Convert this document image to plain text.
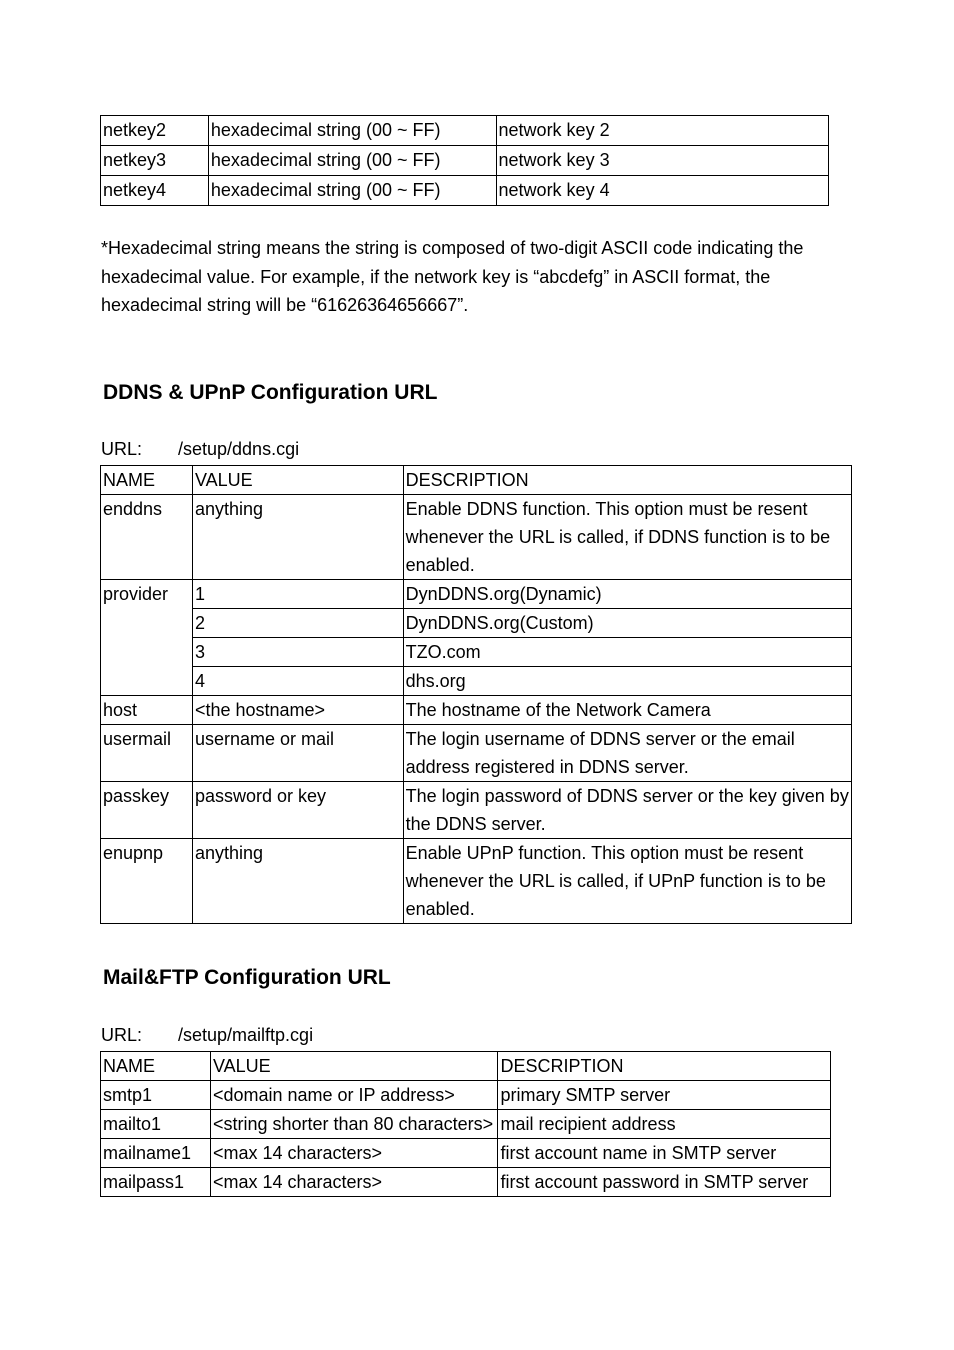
netkey2	hexadecimal string (00 ~ FF)	network key 2
netkey3	hexadecimal string (00 ~ FF)	network key 3
netkey4	hexadecimal string (00 ~ FF)	network key 4
*Hexadecimal string means the string is composed of two-digit ASCII code indicating the hexadecimal value. For example, if the network key is “abcdefg” in ASCII format, the hexadecimal string will be “61626364656667”.
DDNS & UPnP Configuration URL
URL: /setup/ddns.cgi
NAME	VALUE	DESCRIPTION
enddns	anything	Enable DDNS function. This option must be resent whenever the URL is called, if DDNS function is to be enabled.
provider	1	DynDDNS.org(Dynamic)
	2	DynDDNS.org(Custom)
	3	TZO.com
	4	dhs.org
host	<the hostname>	The hostname of the Network Camera
usermail	username or mail	The login username of DDNS server or the email address registered in DDNS server.
passkey	password or key	The login password of DDNS server or the key given by the DDNS server.
enupnp	anything	Enable UPnP function. This option must be resent whenever the URL is called, if UPnP function is to be enabled.
Mail&FTP Configuration URL
URL: /setup/mailftp.cgi
NAME	VALUE	DESCRIPTION
smtp1	<domain name or IP address>	primary SMTP server
mailto1	<string shorter than 80 characters>	mail recipient address
mailname1	<max 14 characters>	first account name in SMTP server
mailpass1	<max 14 characters>	first account password in SMTP server
